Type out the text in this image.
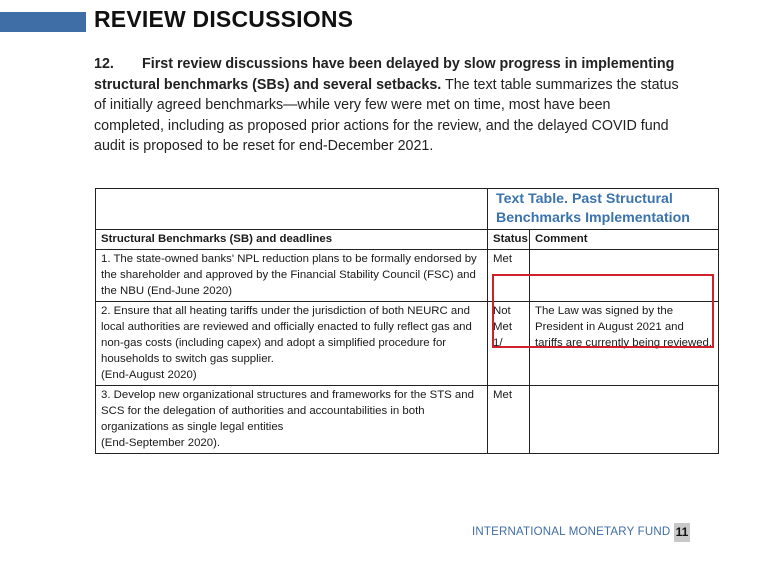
REVIEW DISCUSSIONS

12. First review discussions have been delayed by slow progress in implementing structural benchmarks (SBs) and several setbacks. The text table summarizes the status of initially agreed benchmarks—while very few were met on time, most have been completed, including as proposed prior actions for the review, and the delayed COVID fund audit is proposed to be reset for end-December 2021.

	Text Table. Past Structural Benchmarks Implementation	
Structural Benchmarks (SB) and deadlines	Status	Comment
1. The state-owned banks' NPL reduction plans to be formally endorsed by the shareholder and approved by the Financial Stability Council (FSC) and the NBU (End-June 2020)	Met	
2. Ensure that all heating tariffs under the jurisdiction of both NEURC and local authorities are reviewed and officially enacted to fully reflect gas and non-gas costs (including capex) and adopt a simplified procedure for households to switch gas supplier.
(End-August 2020)	Not Met 1/	The Law was signed by the President in August 2021 and tariffs are currently being reviewed.
3. Develop new organizational structures and frameworks for the STS and SCS for the delegation of authorities and accountabilities in both organizations as single legal entities
(End-September 2020).	Met	
INTERNATIONAL MONETARY FUND 11
